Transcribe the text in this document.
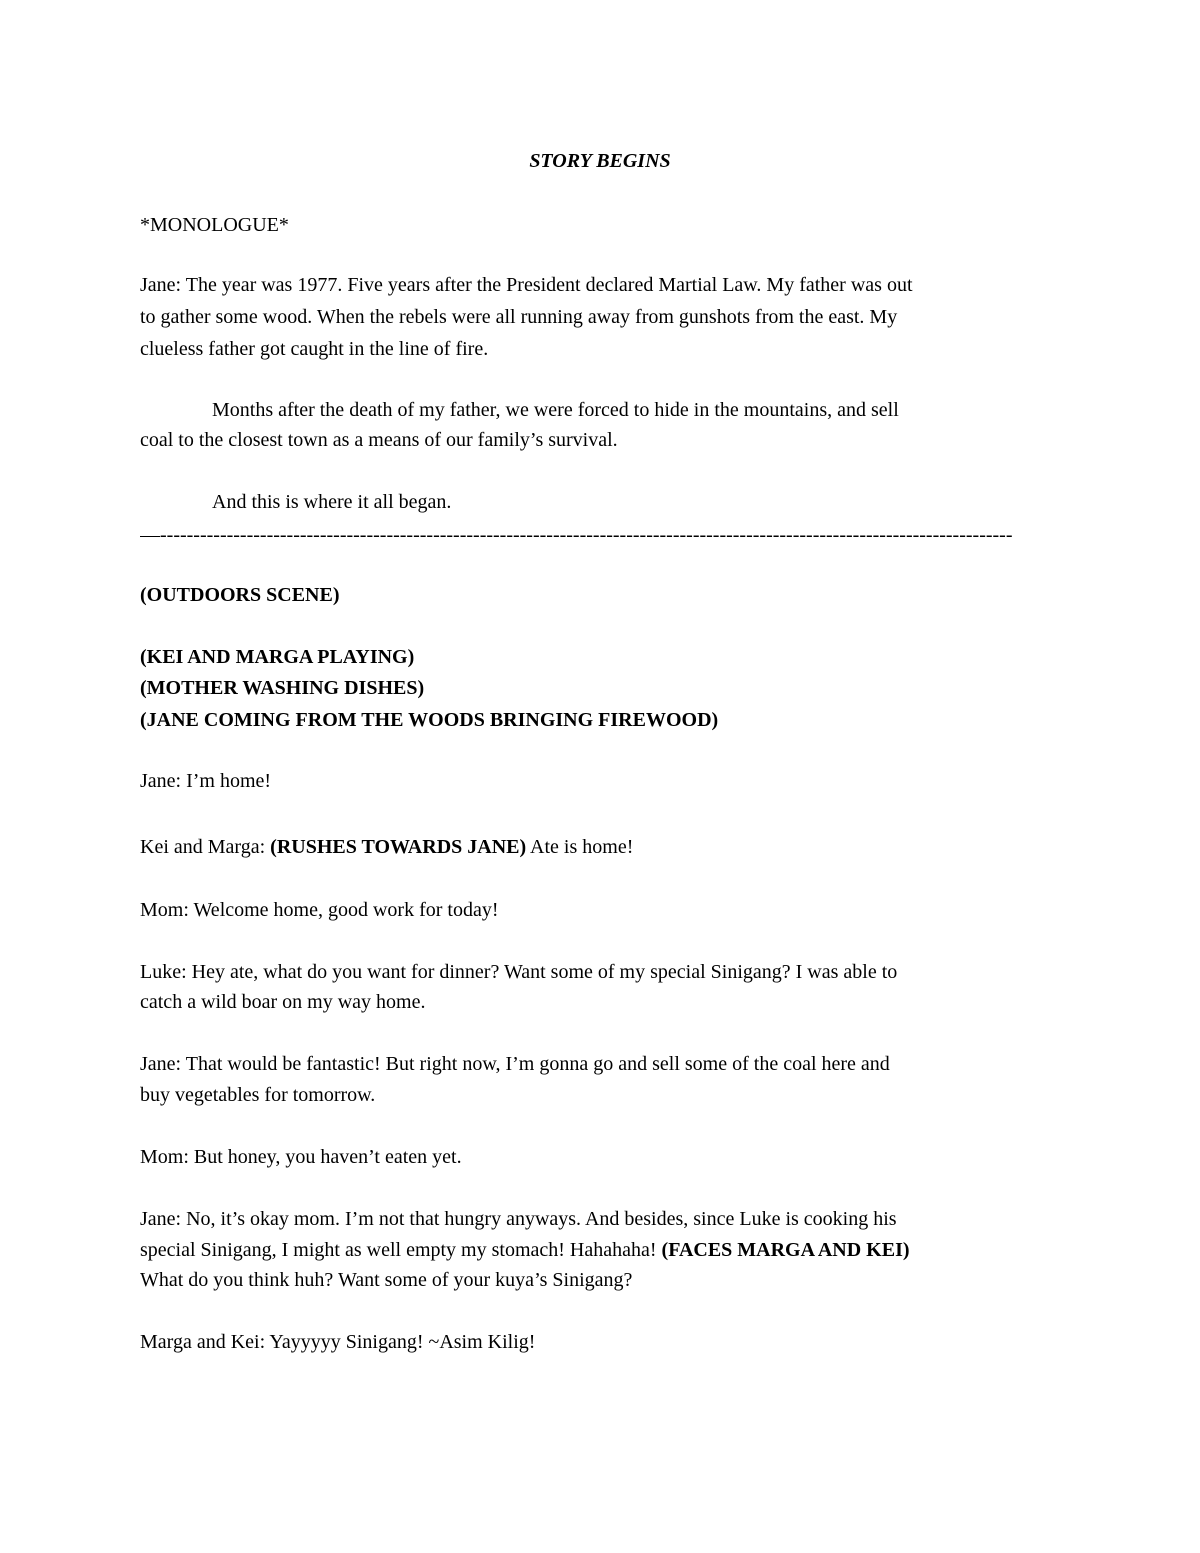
STORY BEGINS
*MONOLOGUE*
Jane: The year was 1977. Five years after the President declared Martial Law. My father was out
to gather some wood. When the rebels were all running away from gunshots from the east. My
clueless father got caught in the line of fire.
Months after the death of my father, we were forced to hide in the mountains, and sell
coal to the closest town as a means of our family’s survival.
And this is where it all began.
—--------------------------------------------------------------------------------------------------------------------------------
(OUTDOORS SCENE)
(KEI AND MARGA PLAYING)
(MOTHER WASHING DISHES)
(JANE COMING FROM THE WOODS BRINGING FIREWOOD)
Jane: I’m home!
Kei and Marga: (RUSHES TOWARDS JANE) Ate is home!
Mom: Welcome home, good work for today!
Luke: Hey ate, what do you want for dinner? Want some of my special Sinigang? I was able to
catch a wild boar on my way home.
Jane: That would be fantastic! But right now, I’m gonna go and sell some of the coal here and
buy vegetables for tomorrow.
Mom: But honey, you haven’t eaten yet.
Jane: No, it’s okay mom. I’m not that hungry anyways. And besides, since Luke is cooking his
special Sinigang, I might as well empty my stomach! Hahahaha! (FACES MARGA AND KEI)
What do you think huh? Want some of your kuya’s Sinigang?
Marga and Kei: Yayyyyy Sinigang! ~Asim Kilig!
